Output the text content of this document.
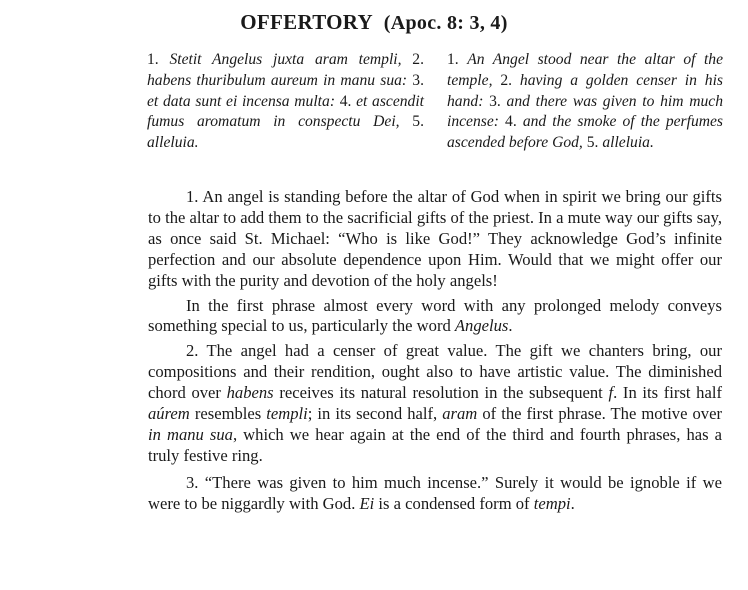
OFFERTORY (Apoc. 8: 3, 4)
1. Stetit Angelus juxta aram templi, 2. habens thuribulum aureum in manu sua: 3. et data sunt ei incensa multa: 4. et ascendit fumus aromatum in conspectu Dei, 5. alleluia.
1. An Angel stood near the altar of the temple, 2. having a golden censer in his hand: 3. and there was given to him much incense: 4. and the smoke of the perfumes ascended before God, 5. alleluia.

1. An angel is standing before the altar of God when in spirit we bring our gifts to the altar to add them to the sacrificial gifts of the priest. In a mute way our gifts say, as once said St. Michael: “Who is like God!” They acknowledge God’s infinite perfection and our absolute dependence upon Him. Would that we might offer our gifts with the purity and devotion of the holy angels!

In the first phrase almost every word with any prolonged melody conveys something special to us, particularly the word Angelus.

2. The angel had a censer of great value. The gift we chanters bring, our compositions and their rendition, ought also to have artistic value. The diminished chord over habens receives its natural resolution in the subsequent f. In its first half aúrem resembles templi; in its second half, aram of the first phrase. The motive over in manu sua, which we hear again at the end of the third and fourth phrases, has a truly festive ring.

3. “There was given to him much incense.” Surely it would be ignoble if we were to be niggardly with God. Ei is a condensed form of tempi.
